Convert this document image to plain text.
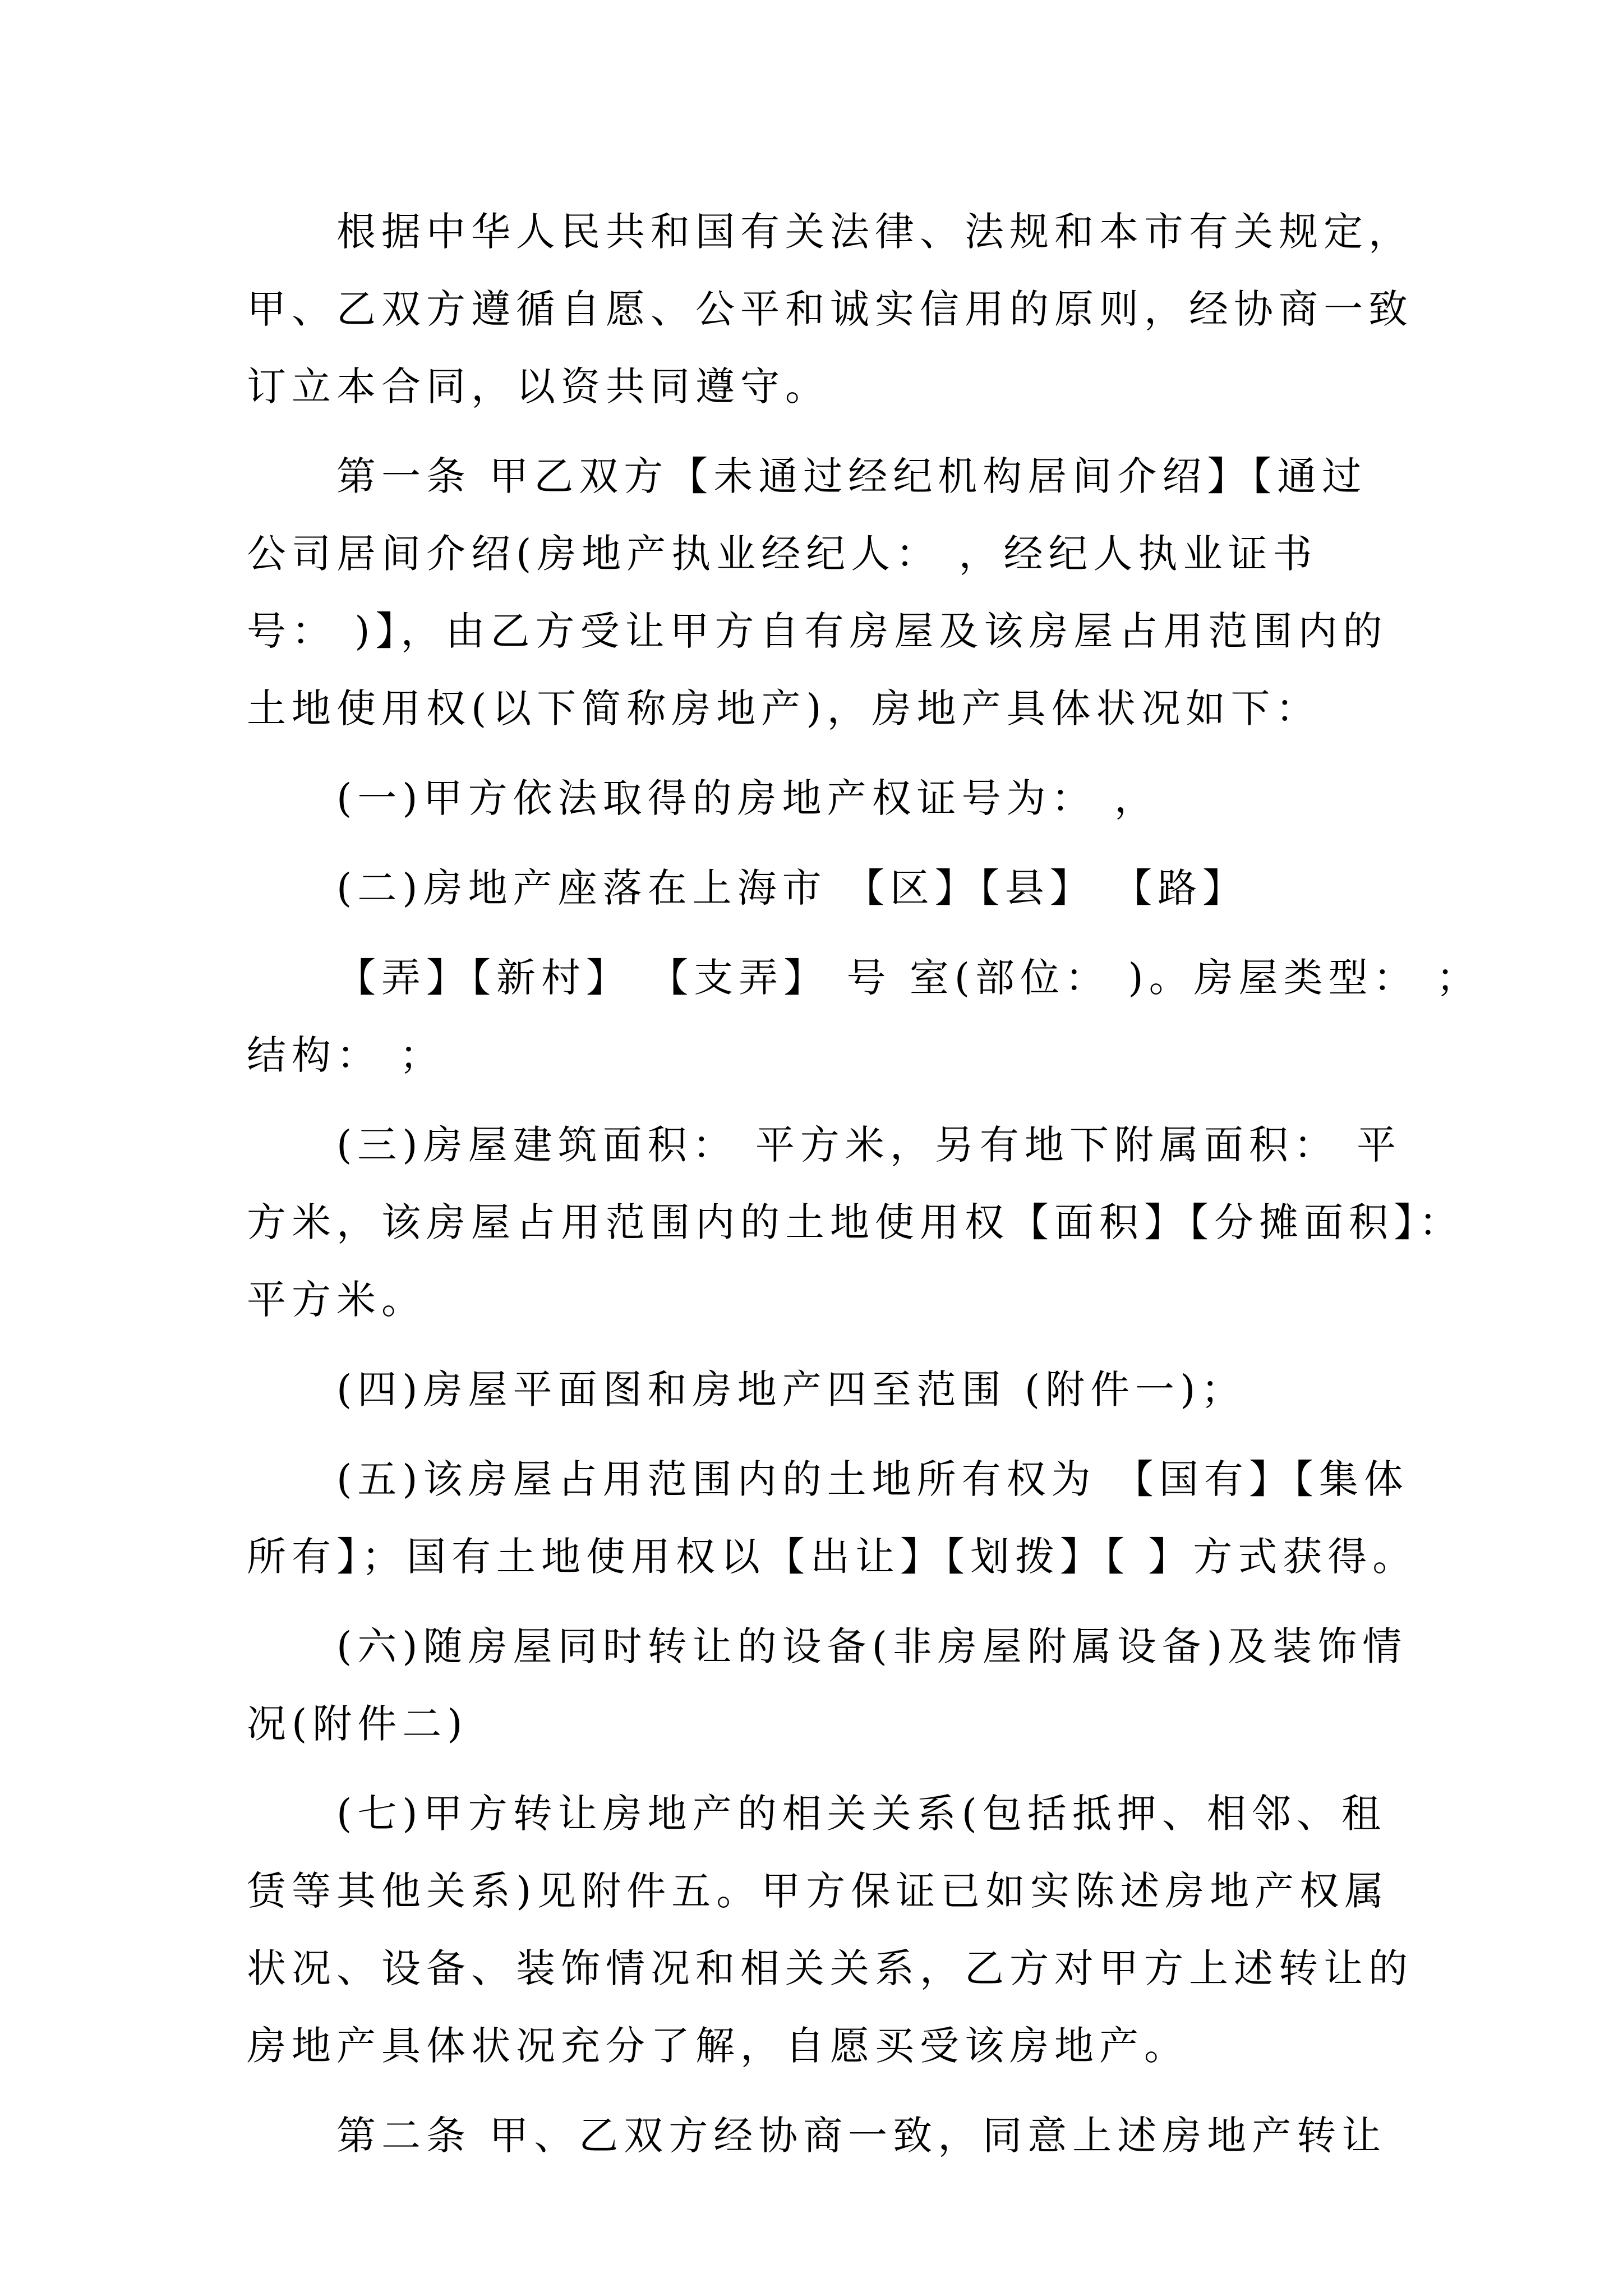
根据中华人民共和国有关法律、法规和本市有关规定，
甲、乙双方遵循自愿、公平和诚实信用的原则，经协商一致
订立本合同，以资共同遵守。
第一条 甲乙双方【未通过经纪机构居间介绍】【通过
公司居间介绍(房地产执业经纪人： ，经纪人执业证书
号： )】，由乙方受让甲方自有房屋及该房屋占用范围内的
土地使用权(以下简称房地产)，房地产具体状况如下：
(一)甲方依法取得的房地产权证号为： ，
(二)房地产座落在上海市 【区】【县】 【路】
【弄】【新村】 【支弄】 号 室(部位： )。房屋类型： ；
结构： ；
(三)房屋建筑面积： 平方米，另有地下附属面积： 平
方米，该房屋占用范围内的土地使用权【面积】【分摊面积】：
平方米。
(四)房屋平面图和房地产四至范围 (附件一)；
(五)该房屋占用范围内的土地所有权为 【国有】【集体
所有】；国有土地使用权以【出让】【划拨】【 】方式获得。
(六)随房屋同时转让的设备(非房屋附属设备)及装饰情
况(附件二)
(七)甲方转让房地产的相关关系(包括抵押、相邻、租
赁等其他关系)见附件五。甲方保证已如实陈述房地产权属
状况、设备、装饰情况和相关关系，乙方对甲方上述转让的
房地产具体状况充分了解，自愿买受该房地产。
第二条 甲、乙双方经协商一致，同意上述房地产转让
